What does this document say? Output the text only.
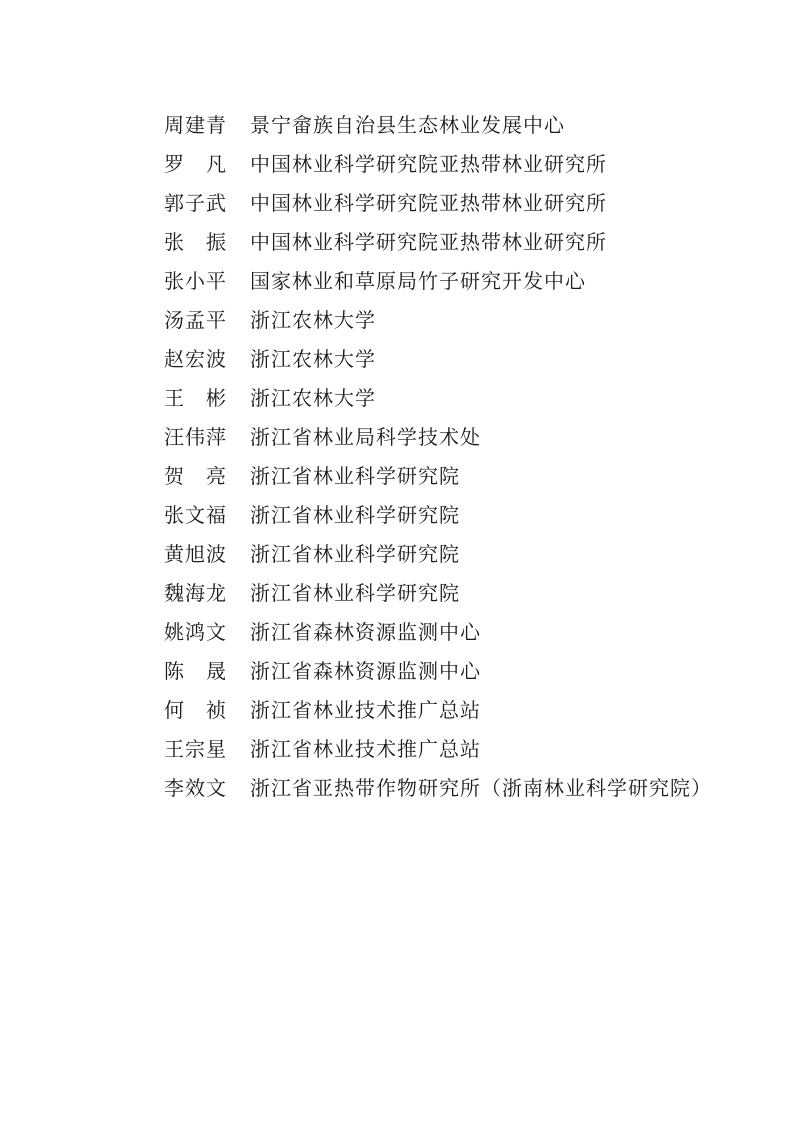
周建青	景宁畲族自治县生态林业发展中心
罗　凡	中国林业科学研究院亚热带林业研究所
郭子武	中国林业科学研究院亚热带林业研究所
张　振	中国林业科学研究院亚热带林业研究所
张小平	国家林业和草原局竹子研究开发中心
汤孟平	浙江农林大学
赵宏波	浙江农林大学
王　彬	浙江农林大学
汪伟萍	浙江省林业局科学技术处
贺　亮	浙江省林业科学研究院
张文福	浙江省林业科学研究院
黄旭波	浙江省林业科学研究院
魏海龙	浙江省林业科学研究院
姚鸿文	浙江省森林资源监测中心
陈　晟	浙江省森林资源监测中心
何　祯	浙江省林业技术推广总站
王宗星	浙江省林业技术推广总站
李效文	浙江省亚热带作物研究所（浙南林业科学研究院）
